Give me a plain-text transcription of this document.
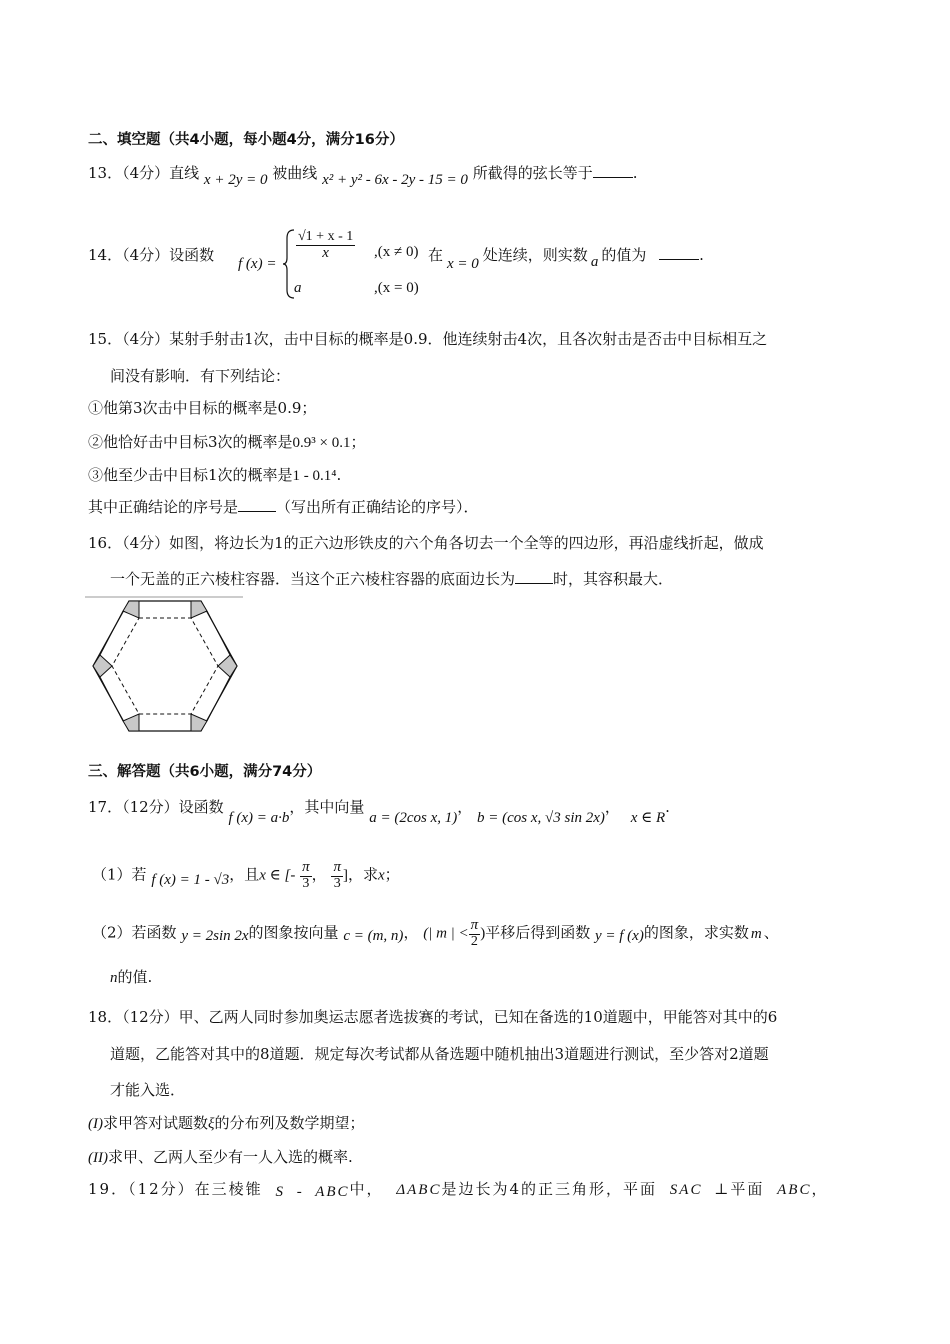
二、填空题（共4小题，每小题4分，满分16分）
13．（4分）直线 x + 2y = 0 被曲线 x² + y² - 6x - 2y - 15 = 0 所截得的弦长等于	.
14．（4分）设函数 f (x) =
$\frac{√1 + x - 1}{x} ,(x \ne 0)$
a	,(x = 0)
在 x = 0 处连续，则实数 a 的值为	.
15．（4分）某射手射击1次，击中目标的概率是0.9．他连续射击4次，且各次射击是否击中目标相互之
间没有影响．有下列结论：
①他第3次击中目标的概率是0.9；
②他恰好击中目标3次的概率是0.9³ × 0.1；
③他至少击中目标1次的概率是1 - 0.1⁴.
其中正确结论的序号是	（写出所有正确结论的序号）．
16．（4分）如图，将边长为1的正六边形铁皮的六个角各切去一个全等的四边形，再沿虚线折起，做成
一个无盖的正六棱柱容器．当这个正六棱柱容器的底面边长为	时，其容积最大．
三、解答题（共6小题，满分74分）
17．（12分）设函数 f (x) = a·b，其中向量 a = (2cos x, 1)， b = (cos x, √3 sin 2x)， x ∈ R.
（1）若 f (x) = 1 - √3，且x ∈ [- $\frac{\pi}{3}$ ， $\frac{\pi}{3}$ ]，求x；
（2）若函数 y = 2sin 2x的图象按向量 c = (m, n)， (| m | < $\frac{\pi}{2}$ )平移后得到函数 y = f (x)的图象，求实数 m 、
n的值.
18．（12分）甲、乙两人同时参加奥运志愿者选拔赛的考试，已知在备选的10道题中，甲能答对其中的6
道题，乙能答对其中的8道题．规定每次考试都从备选题中随机抽出3道题进行测试，至少答对2道题
才能入选．
(I)求甲答对试题数ξ的分布列及数学期望；
(II)求甲、乙两人至少有一人入选的概率.
19．（12分）在三棱锥 S - ABC中， ΔABC是边长为4的正三角形，平面 SAC ⊥平面 ABC，
